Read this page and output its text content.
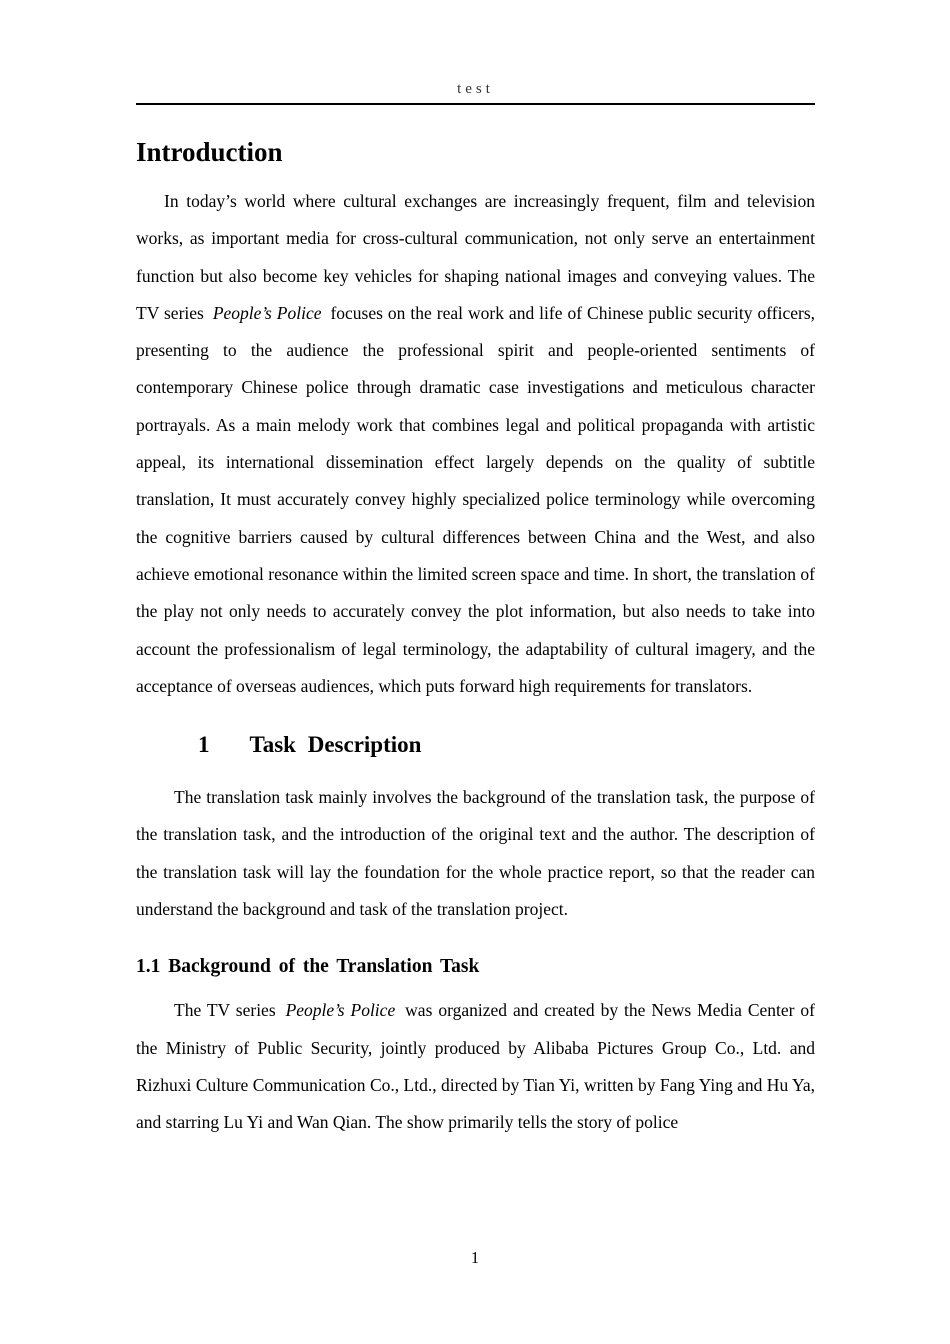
test
Introduction

In today’s world where cultural exchanges are increasingly frequent, film and television works, as important media for cross-cultural communication, not only serve an entertainment function but also become key vehicles for shaping national images and conveying values. The TV series People’s Police focuses on the real work and life of Chinese public security officers, presenting to the audience the professional spirit and people-oriented sentiments of contemporary Chinese police through dramatic case investigations and meticulous character portrayals. As a main melody work that combines legal and political propaganda with artistic appeal, its international dissemination effect largely depends on the quality of subtitle translation, It must accurately convey highly specialized police terminology while overcoming the cognitive barriers caused by cultural differences between China and the West, and also achieve emotional resonance within the limited screen space and time. In short, the translation of the play not only needs to accurately convey the plot information, but also needs to take into account the professionalism of legal terminology, the adaptability of cultural imagery, and the acceptance of overseas audiences, which puts forward high requirements for translators.

1 Task Description

The translation task mainly involves the background of the translation task, the purpose of the translation task, and the introduction of the original text and the author. The description of the translation task will lay the foundation for the whole practice report, so that the reader can understand the background and task of the translation project.

1.1 Background of the Translation Task

The TV series People’s Police was organized and created by the News Media Center of the Ministry of Public Security, jointly produced by Alibaba Pictures Group Co., Ltd. and Rizhuxi Culture Communication Co., Ltd., directed by Tian Yi, written by Fang Ying and Hu Ya, and starring Lu Yi and Wan Qian. The show primarily tells the story of police

1
